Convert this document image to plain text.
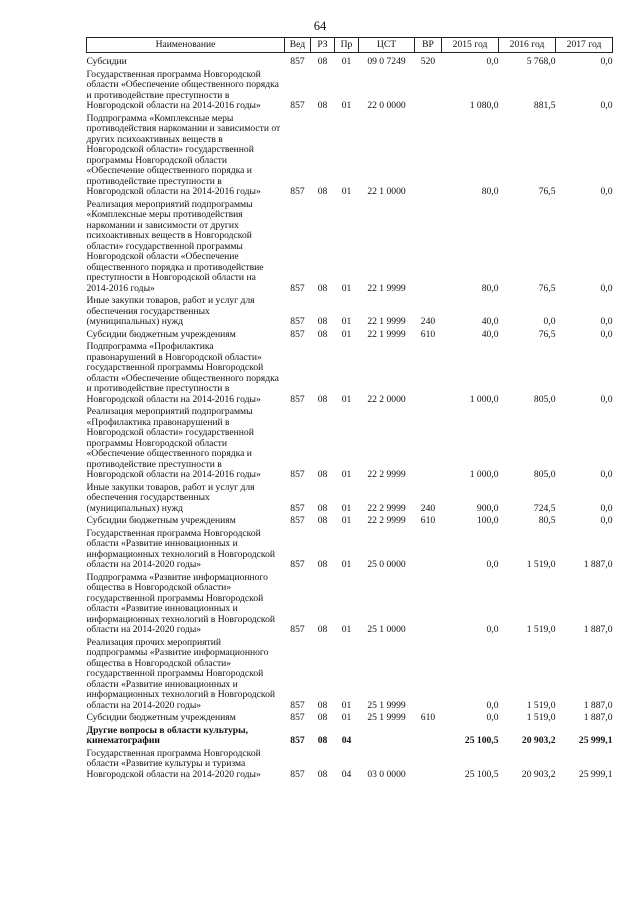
64
Наименование	Вед	РЗ	Пр	ЦСТ	ВР	2015 год	2016 год	2017 год
Субсидии	857	08	01	09 0 7249	520	0,0	5 768,0	0,0
Государственная программа Новгородской области «Обеспечение общественного порядка и противодействие преступности в Новгородской области на 2014-2016 годы»	857	08	01	22 0 0000		1 080,0	881,5	0,0
Подпрограмма «Комплексные меры противодействия наркомании и зависимости от других психоактивных веществ в Новгородской области» государственной программы Новгородской области «Обеспечение общественного порядка и противодействие преступности в Новгородской области на 2014-2016 годы»	857	08	01	22 1 0000		80,0	76,5	0,0
Реализация мероприятий подпрограммы «Комплексные меры противодействия наркомании и зависимости от других психоактивных веществ в Новгородской области» государственной программы Новгородской области «Обеспечение общественного порядка и противодействие преступности в Новгородской области на 2014-2016 годы»	857	08	01	22 1 9999		80,0	76,5	0,0
Иные закупки товаров, работ и услуг для обеспечения государственных (муниципальных) нужд	857	08	01	22 1 9999	240	40,0	0,0	0,0
Субсидии бюджетным учреждениям	857	08	01	22 1 9999	610	40,0	76,5	0,0
Подпрограмма «Профилактика правонарушений в Новгородской области» государственной программы Новгородской области «Обеспечение общественного порядка и противодействие преступности в Новгородской области на 2014-2016 годы»	857	08	01	22 2 0000		1 000,0	805,0	0,0
Реализация мероприятий подпрограммы «Профилактика правонарушений в Новгородской области» государственной программы Новгородской области «Обеспечение общественного порядка и противодействие преступности в Новгородской области на 2014-2016 годы»	857	08	01	22 2 9999		1 000,0	805,0	0,0
Иные закупки товаров, работ и услуг для обеспечения государственных (муниципальных) нужд	857	08	01	22 2 9999	240	900,0	724,5	0,0
Субсидии бюджетным учреждениям	857	08	01	22 2 9999	610	100,0	80,5	0,0
Государственная программа Новгородской области «Развитие инновационных и информационных технологий в Новгородской области на 2014-2020 годы»	857	08	01	25 0 0000		0,0	1 519,0	1 887,0
Подпрограмма «Развитие информационного общества в Новгородской области» государственной программы Новгородской области «Развитие инновационных и информационных технологий в Новгородской области на 2014-2020 годы»	857	08	01	25 1 0000		0,0	1 519,0	1 887,0
Реализация прочих мероприятий подпрограммы «Развитие информационного общества в Новгородской области» государственной программы Новгородской области «Развитие инновационных и информационных технологий в Новгородской области на 2014-2020 годы»	857	08	01	25 1 9999		0,0	1 519,0	1 887,0
Субсидии бюджетным учреждениям	857	08	01	25 1 9999	610	0,0	1 519,0	1 887,0
Другие вопросы в области культуры, кинематографии	857	08	04			25 100,5	20 903,2	25 999,1
Государственная программа Новгородской области «Развитие культуры и туризма Новгородской области на 2014-2020 годы»	857	08	04	03 0 0000		25 100,5	20 903,2	25 999,1
